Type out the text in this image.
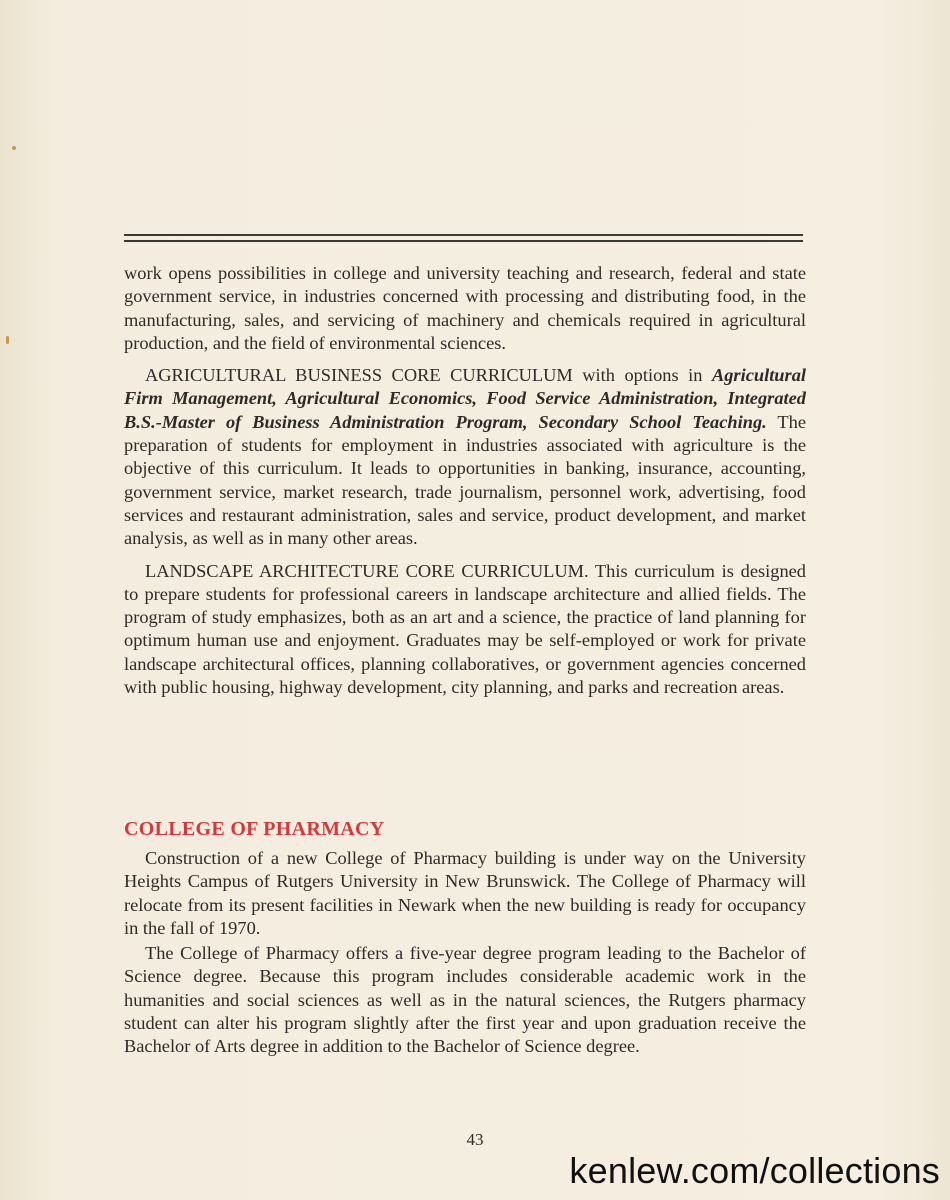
work opens possibilities in college and university teaching and research, federal and state government service, in industries concerned with processing and distributing food, in the manufacturing, sales, and servicing of machinery and chemicals required in agricultural production, and the field of environmental sciences.

AGRICULTURAL BUSINESS CORE CURRICULUM with options in Agricultural Firm Management, Agricultural Economics, Food Service Administration, Integrated B.S.-Master of Business Administration Program, Secondary School Teaching. The preparation of students for employment in industries associated with agriculture is the objective of this curriculum. It leads to opportunities in banking, insurance, accounting, government service, market research, trade journalism, personnel work, advertising, food services and restaurant administration, sales and service, product development, and market analysis, as well as in many other areas.

LANDSCAPE ARCHITECTURE CORE CURRICULUM. This curriculum is designed to prepare students for professional careers in landscape architecture and allied fields. The program of study emphasizes, both as an art and a science, the practice of land planning for optimum human use and enjoyment. Graduates may be self-employed or work for private landscape architectural offices, planning collaboratives, or government agencies concerned with public housing, highway development, city planning, and parks and recreation areas.

COLLEGE OF PHARMACY

Construction of a new College of Pharmacy building is under way on the University Heights Campus of Rutgers University in New Brunswick. The College of Pharmacy will relocate from its present facilities in Newark when the new building is ready for occupancy in the fall of 1970.

The College of Pharmacy offers a five-year degree program leading to the Bachelor of Science degree. Because this program includes considerable academic work in the humanities and social sciences as well as in the natural sciences, the Rutgers pharmacy student can alter his program slightly after the first year and upon graduation receive the Bachelor of Arts degree in addition to the Bachelor of Science degree.

43
kenlew.com/collections
